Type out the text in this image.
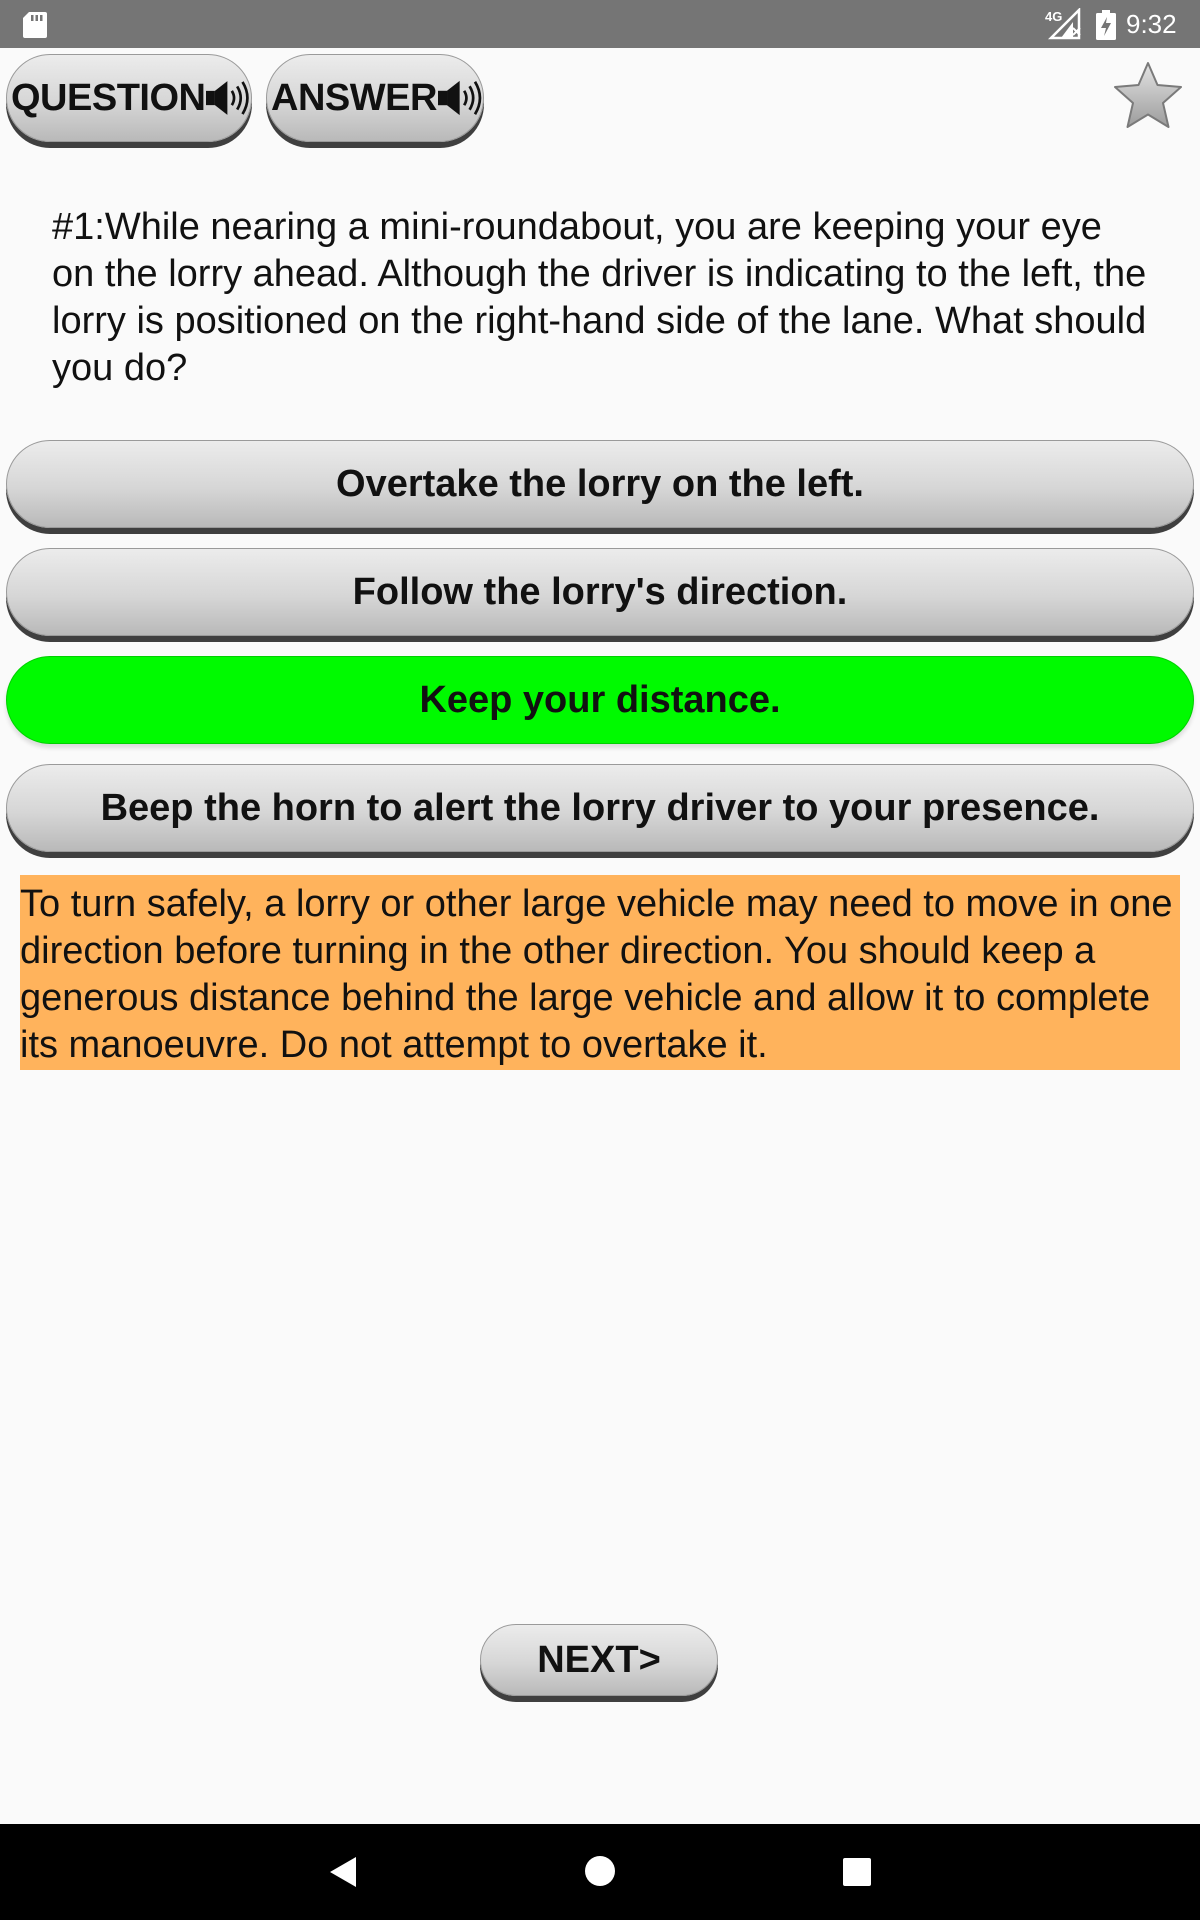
4G 9:32
QUESTION ANSWER
#1:While nearing a mini-roundabout, you are keeping your eye on the lorry ahead. Although the driver is indicating to the left, the lorry is positioned on the right-hand side of the lane. What should you do?
Overtake the lorry on the left.
Follow the lorry's direction.
Keep your distance.
Beep the horn to alert the lorry driver to your presence.
To turn safely, a lorry or other large vehicle may need to move in one direction before turning in the other direction. You should keep a generous distance behind the large vehicle and allow it to complete its manoeuvre. Do not attempt to overtake it.
NEXT>
